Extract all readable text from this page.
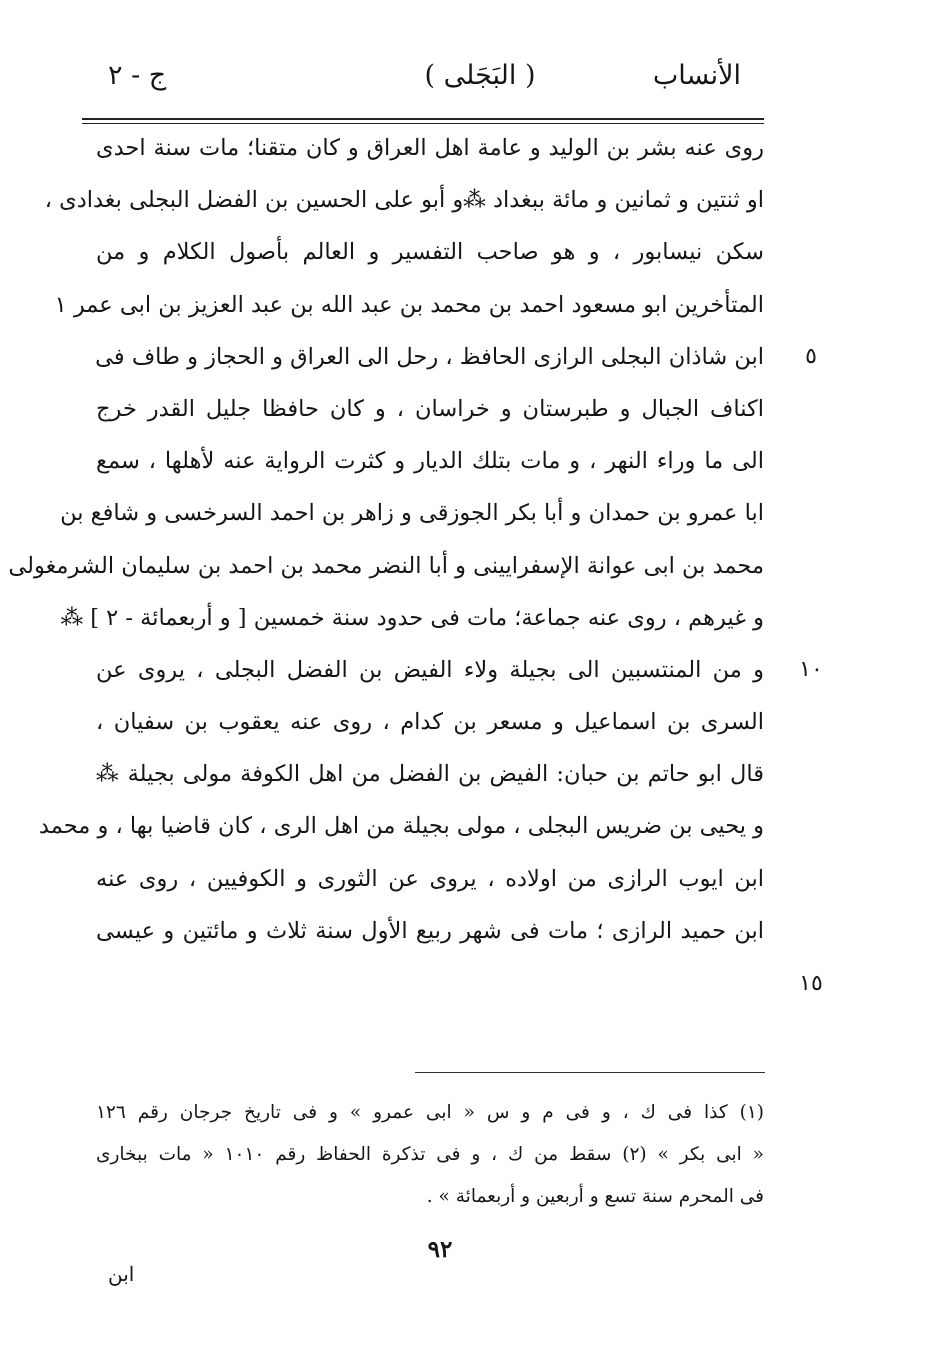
الأنساب
( البَجَلی )
ج - ٢
روى عنه بشر بن الوليد و عامة اهل العراق و كان متقنا؛ مات سنة احدى
او ثنتين و ثمانين و مائة ببغداد ⁂و أبو على الحسين بن الفضل البجلى بغدادى ،
سكن نيسابور ، و هو صاحب التفسير و العالم بأصول الكلام و من
المتأخرين ابو مسعود احمد بن محمد بن عبد الله بن عبد العزيز بن ابى عمر ١
ابن شاذان البجلى الرازى الحافظ ، رحل الى العراق و الحجاز و طاف فى
اكناف الجبال و طبرستان و خراسان ، و كان حافظا جليل القدر خرج
الى ما وراء النهر ، و مات بتلك الديار و كثرت الرواية عنه لأهلها ، سمع
ابا عمرو بن حمدان و أبا بكر الجوزقى و زاهر بن احمد السرخسى و شافع بن
محمد بن ابى عوانة الإسفرايينى و أبا النضر محمد بن احمد بن سليمان الشرمغولى
و غيرهم ، روى عنه جماعة؛ مات فى حدود سنة خمسين [ و أربعمائة - ٢ ] ⁂
و من المنتسبين الى بجيلة ولاء الفيض بن الفضل البجلى ، يروى عن
السرى بن اسماعيل و مسعر بن كدام ، روى عنه يعقوب بن سفيان ،
قال ابو حاتم بن حبان: الفيض بن الفضل من اهل الكوفة مولى بجيلة ⁂
و يحيى بن ضريس البجلى ، مولى بجيلة من اهل الرى ، كان قاضيا بها ، و محمد
ابن ايوب الرازى من اولاده ، يروى عن الثورى و الكوفيين ، روى عنه
ابن حميد الرازى ؛ مات فى شهر ربيع الأول سنة ثلاث و مائتين و عيسى
٥
١٠
١٥
(١) كذا فى ك ، و فى م و س « ابى عمرو » و فى تاريخ جرجان رقم ١٢٦
« ابى بكر » (٢) سقط من ك ، و فى تذكرة الحفاظ رقم ١٠١٠ « مات ببخارى
فى المحرم سنة تسع و أربعين و أربعمائة » .
٩٢
ابن
